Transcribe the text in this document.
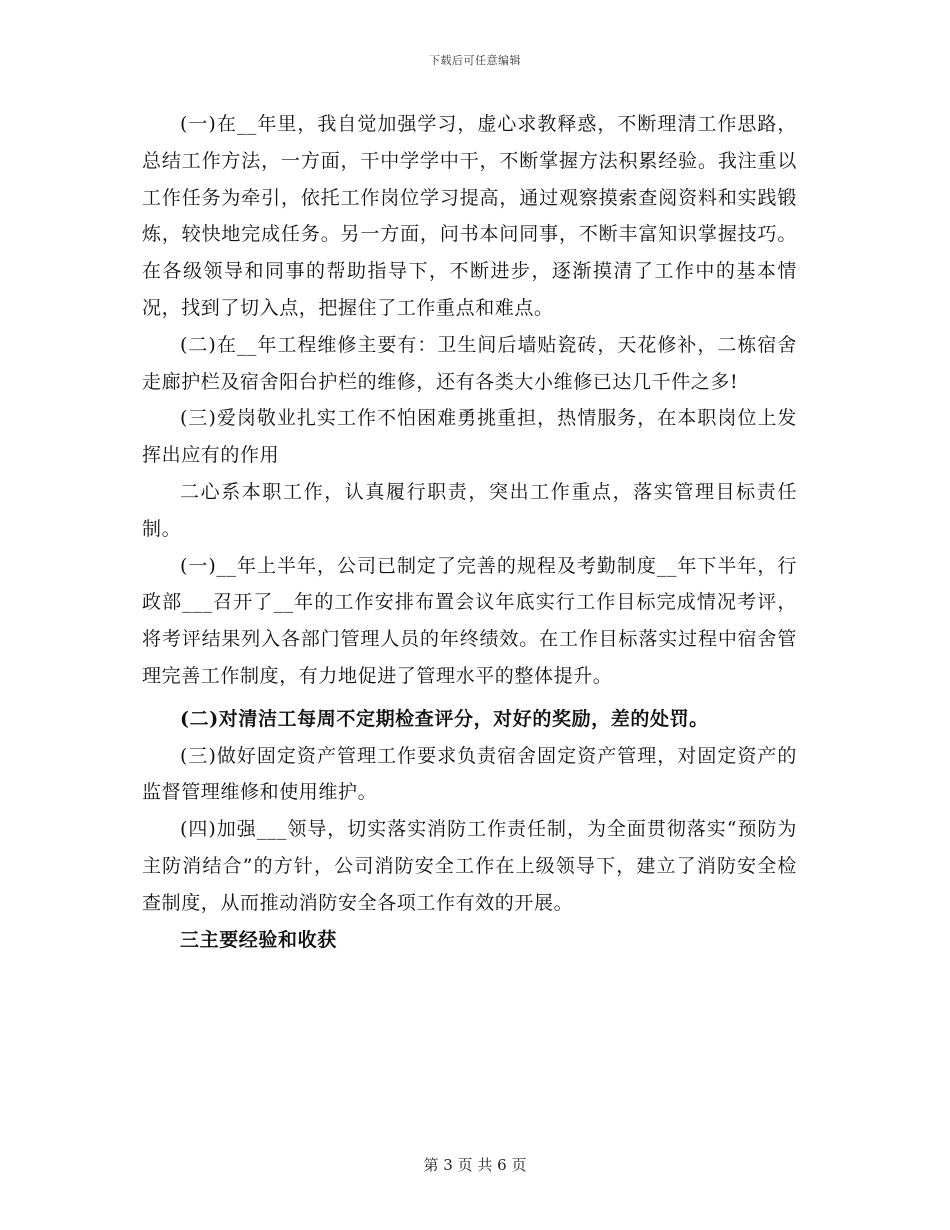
下载后可任意编辑

(一)在__年里，我自觉加强学习，虚心求教释惑，不断理清工作思路，总结工作方法，一方面，干中学学中干，不断掌握方法积累经验。我注重以工作任务为牵引，依托工作岗位学习提高，通过观察摸索查阅资料和实践锻炼，较快地完成任务。另一方面，问书本问同事，不断丰富知识掌握技巧。在各级领导和同事的帮助指导下，不断进步，逐渐摸清了工作中的基本情况，找到了切入点，把握住了工作重点和难点。

(二)在__年工程维修主要有：卫生间后墙贴瓷砖，天花修补，二栋宿舍走廊护栏及宿舍阳台护栏的维修，还有各类大小维修已达几千件之多!

(三)爱岗敬业扎实工作不怕困难勇挑重担，热情服务，在本职岗位上发挥出应有的作用

二心系本职工作，认真履行职责，突出工作重点，落实管理目标责任制。

(一)__年上半年，公司已制定了完善的规程及考勤制度__年下半年，行政部___召开了__年的工作安排布置会议年底实行工作目标完成情况考评，将考评结果列入各部门管理人员的年终绩效。在工作目标落实过程中宿舍管理完善工作制度，有力地促进了管理水平的整体提升。

(二)对清洁工每周不定期检查评分，对好的奖励，差的处罚。

(三)做好固定资产管理工作要求负责宿舍固定资产管理，对固定资产的监督管理维修和使用维护。

(四)加强___领导，切实落实消防工作责任制，为全面贯彻落实“预防为主防消结合”的方针，公司消防安全工作在上级领导下，建立了消防安全检查制度，从而推动消防安全各项工作有效的开展。

三主要经验和收获

第 3 页 共 6 页
